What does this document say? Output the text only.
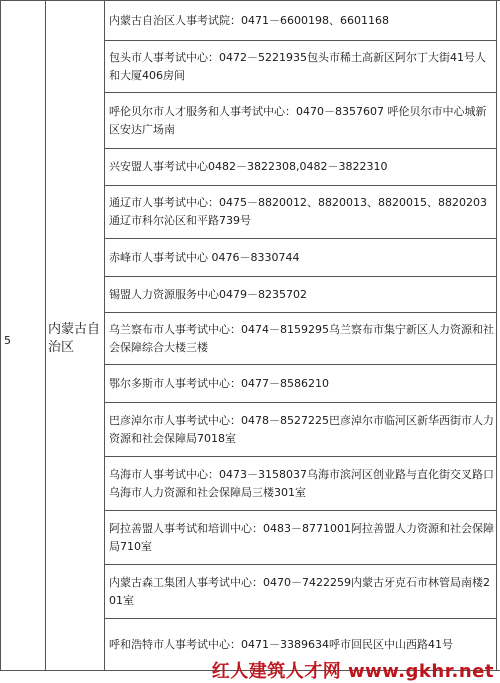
5
内蒙古自治区
内蒙古自治区人事考试院：0471－6600198、6601168
包头市人事考试中心：0472－5221935包头市稀土高新区阿尔丁大街41号人和大厦406房间
呼伦贝尔市人才服务和人事考试中心：0470－8357607 呼伦贝尔市中心城新区安达广场南
兴安盟人事考试中心0482－3822308,0482－3822310
通辽市人事考试中心：0475－8820012、8820013、8820015、8820203通辽市科尔沁区和平路739号
赤峰市人事考试中心 0476－8330744
锡盟人力资源服务中心0479－8235702
乌兰察布市人事考试中心：0474－8159295乌兰察布市集宁新区人力资源和社会保障综合大楼三楼
鄂尔多斯市人事考试中心：0477－8586210
巴彦淖尔市人事考试中心：0478－8527225巴彦淖尔市临河区新华西街市人力资源和社会保障局7018室
乌海市人事考试中心：0473－3158037乌海市滨河区创业路与直化街交叉路口乌海市人力资源和社会保障局三楼301室
阿拉善盟人事考试和培训中心：0483－8771001阿拉善盟人力资源和社会保障局710室
内蒙古森工集团人事考试中心：0470－7422259内蒙古牙克石市林管局南楼201室
呼和浩特市人事考试中心：0471－3389634呼市回民区中山西路41号
红人建筑人才网 www.gkhr.net
